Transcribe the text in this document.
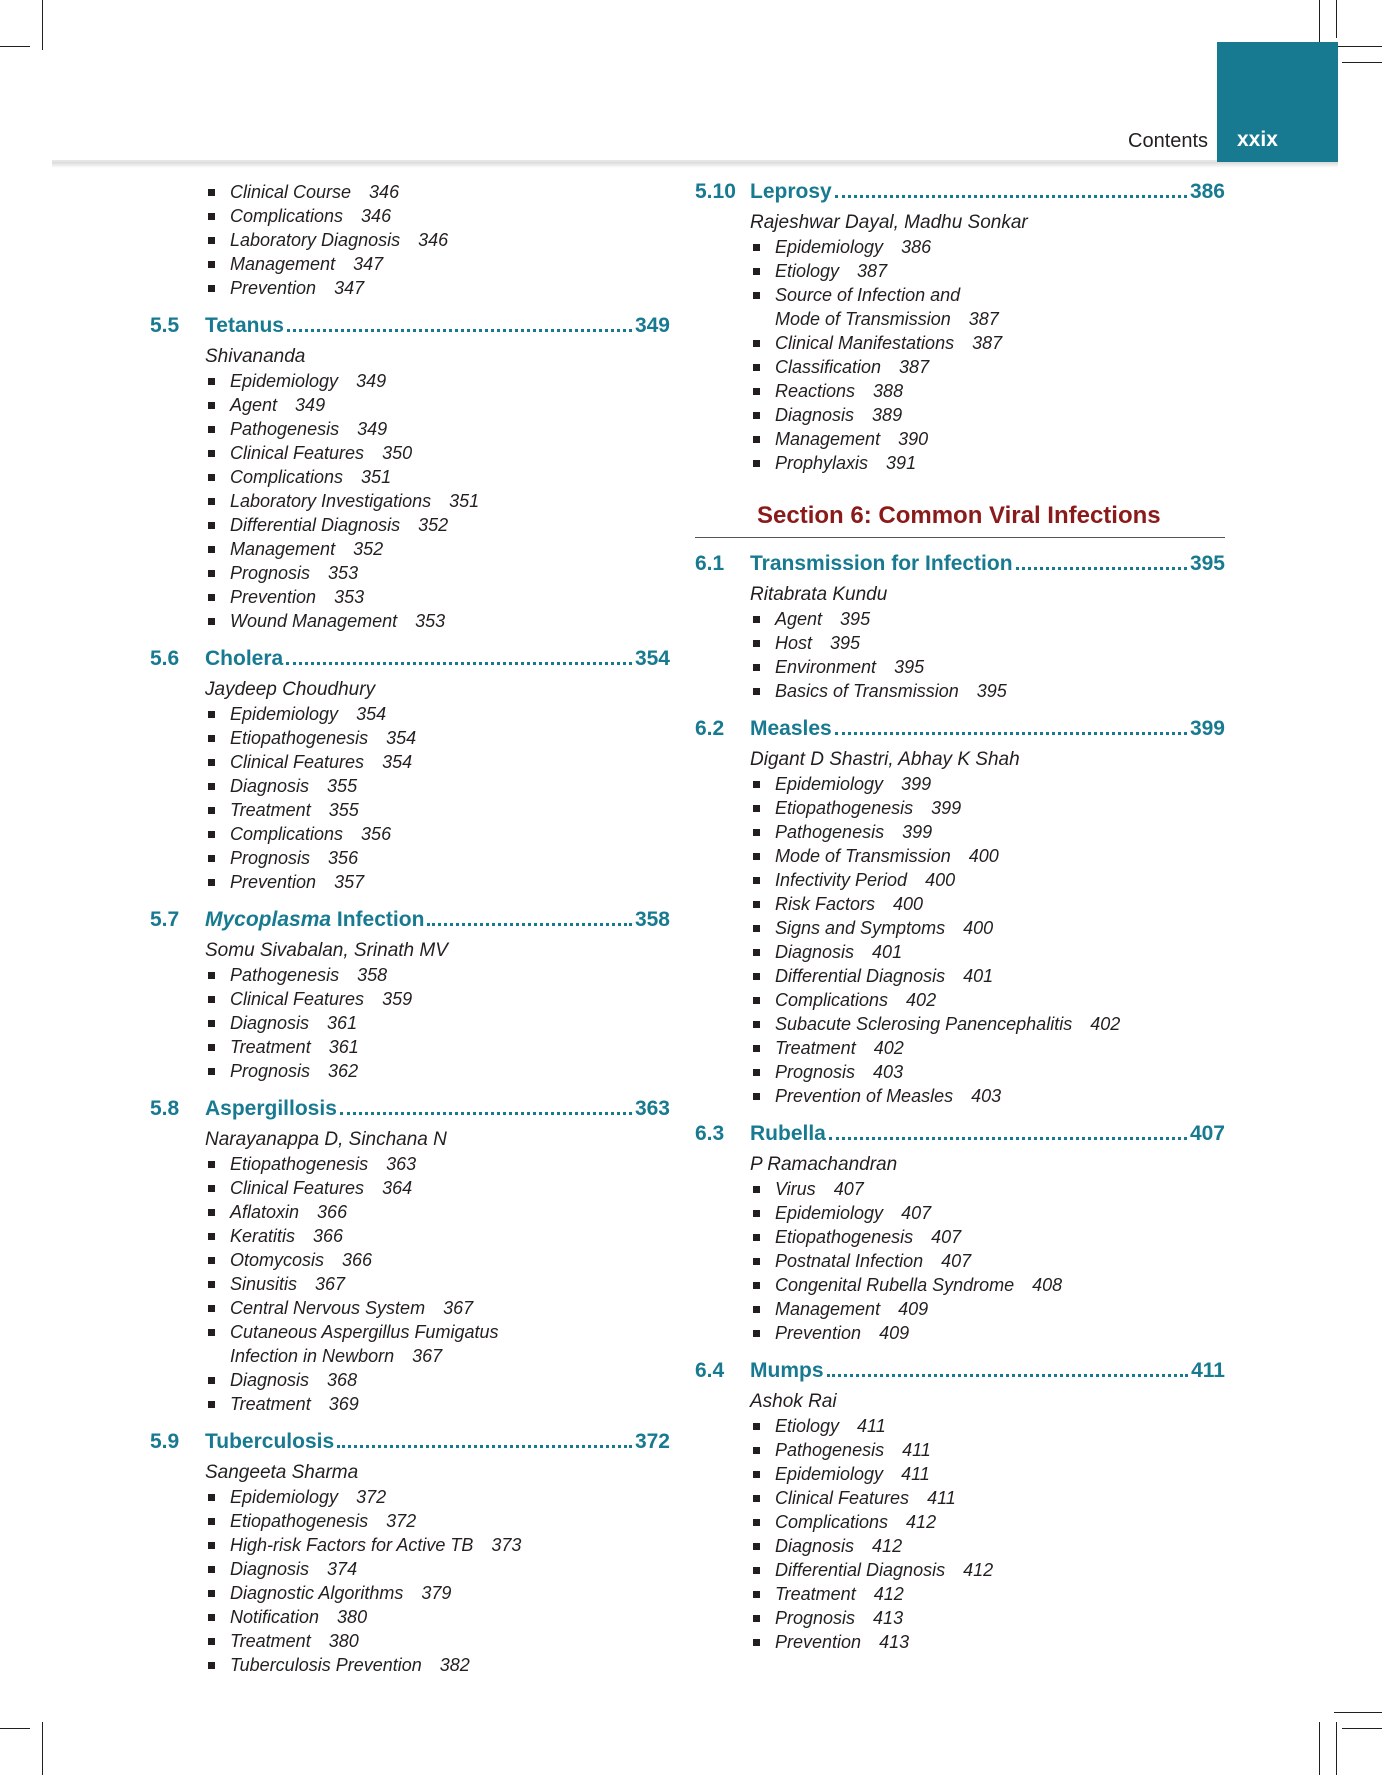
Contents xxix
Clinical Course 346
Complications 346
Laboratory Diagnosis 346
Management 347
Prevention 347
5.5	Tetanus	349
Shivananda
Epidemiology 349
Agent 349
Pathogenesis 349
Clinical Features 350
Complications 351
Laboratory Investigations 351
Differential Diagnosis 352
Management 352
Prognosis 353
Prevention 353
Wound Management 353
5.6	Cholera	354
Jaydeep Choudhury
Epidemiology 354
Etiopathogenesis 354
Clinical Features 354
Diagnosis 355
Treatment 355
Complications 356
Prognosis 356
Prevention 357
5.7	Mycoplasma Infection	358
Somu Sivabalan, Srinath MV
Pathogenesis 358
Clinical Features 359
Diagnosis 361
Treatment 361
Prognosis 362
5.8	Aspergillosis	363
Narayanappa D, Sinchana N
Etiopathogenesis 363
Clinical Features 364
Aflatoxin 366
Keratitis 366
Otomycosis 366
Sinusitis 367
Central Nervous System 367
Cutaneous Aspergillus Fumigatus
Infection in Newborn 367
Diagnosis 368
Treatment 369
5.9	Tuberculosis	372
Sangeeta Sharma
Epidemiology 372
Etiopathogenesis 372
High-risk Factors for Active TB 373
Diagnosis 374
Diagnostic Algorithms 379
Notification 380
Treatment 380
Tuberculosis Prevention 382
5.10 Leprosy	386
Rajeshwar Dayal, Madhu Sonkar
Epidemiology 386
Etiology 387
Source of Infection and
Mode of Transmission 387
Clinical Manifestations 387
Classification 387
Reactions 388
Diagnosis 389
Management 390
Prophylaxis 391
Section 6: Common Viral Infections
6.1	Transmission for Infection	395
Ritabrata Kundu
Agent 395
Host 395
Environment 395
Basics of Transmission 395
6.2	Measles	399
Digant D Shastri, Abhay K Shah
Epidemiology 399
Etiopathogenesis 399
Pathogenesis 399
Mode of Transmission 400
Infectivity Period 400
Risk Factors 400
Signs and Symptoms 400
Diagnosis 401
Differential Diagnosis 401
Complications 402
Subacute Sclerosing Panencephalitis 402
Treatment 402
Prognosis 403
Prevention of Measles 403
6.3	Rubella	407
P Ramachandran
Virus 407
Epidemiology 407
Etiopathogenesis 407
Postnatal Infection 407
Congenital Rubella Syndrome 408
Management 409
Prevention 409
6.4	Mumps	411
Ashok Rai
Etiology 411
Pathogenesis 411
Epidemiology 411
Clinical Features 411
Complications 412
Diagnosis 412
Differential Diagnosis 412
Treatment 412
Prognosis 413
Prevention 413
